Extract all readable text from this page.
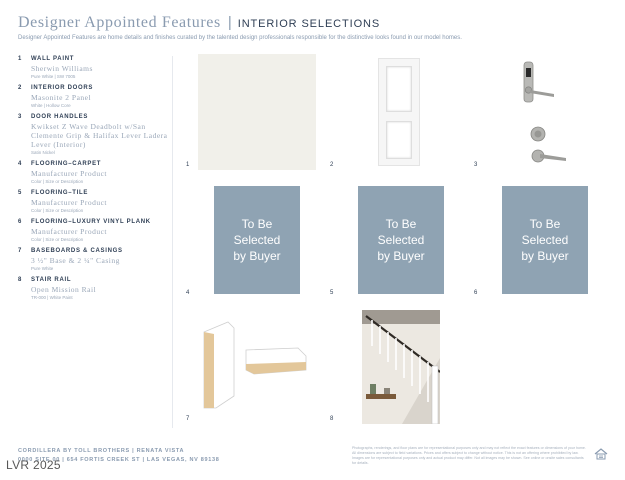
Designer Appointed Features | INTERIOR SELECTIONS
Designer Appointed Features are home details and finishes curated by the talented design professionals responsible for the distinctive looks found in our model homes.
1 WALL PAINT
Sherwin Williams
Pure White | SW 7005
2 INTERIOR DOORS
Masonite 2 Panel
White | Hollow Core
3 DOOR HANDLES
Kwikset Z Wave Deadbolt w/San Clemente Grip & Halifax Lever Ladera Lever (Interior)
Satin Nickel
4 FLOORING–CARPET
Manufacturer Product
Color | Size or Description
5 FLOORING–TILE
Manufacturer Product
Color | Size or Description
6 FLOORING–LUXURY VINYL PLANK
Manufacturer Product
Color | Size or Description
7 BASEBOARDS & CASINGS
3 ½" Base & 2 ¼" Casing
Pure White
8 STAIR RAIL
Open Mission Rail
TR-000 | White Paint
1	2	3
To Be
Selected
by Buyer
4
To Be
Selected
by Buyer
5
To Be
Selected
by Buyer
6
7	8
CORDILLERA BY TOLL BROTHERS | RENATA VISTA
0000 SITE 00 | 654 FORTIS CREEK ST | LAS VEGAS, NV 89138
Photographs, renderings, and floor plans are for representational purposes only and may not reflect the exact features or dimensions of your home. All dimensions are subject to field variations. Prices and offers subject to change without notice. This is not an offering where prohibited by law. Images are for representational purposes only and actual product may differ. Not all images may be shown. See online or onsite sales consultants for details.
LVR 2025
